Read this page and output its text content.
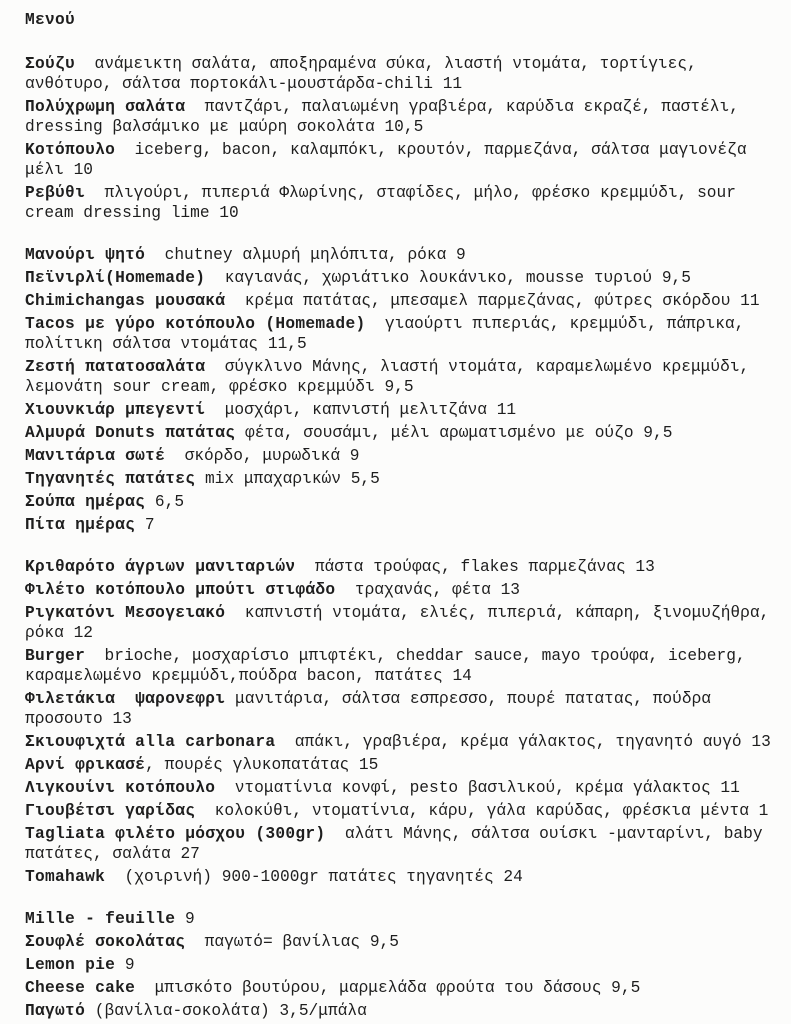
Μενού

Σούζυ  ανάμεικτη σαλάτα, αποξηραμένα σύκα, λιαστή ντομάτα, τορτίγιες, ανθότυρο, σάλτσα πορτοκάλι-μουστάρδα-chili 11

Πολύχρωμη σαλάτα  παντζάρι, παλαιωμένη γραβιέρα, καρύδια εκραζέ, παστέλι, dressing βαλσάμικο με μαύρη σοκολάτα 10,5

Κοτόπουλο  iceberg, bacon, καλαμπόκι, κρουτόν, παρμεζάνα, σάλτσα μαγιονέζα μέλι 10

Ρεβύθι  πλιγούρι, πιπεριά Φλωρίνης, σταφίδες, μήλο, φρέσκο κρεμμύδι, sour cream dressing lime 10

Μανούρι ψητό  chutney αλμυρή μηλόπιτα, ρόκα 9

Πεϊνιρλί(Homemade)  καγιανάς, χωριάτικο λουκάνικο, mousse τυριού 9,5

Chimichangas μουσακά  κρέμα πατάτας, μπεσαμελ παρμεζάνας, φύτρες σκόρδου 11

Tacos με γύρο κοτόπουλο (Homemade)  γιαούρτι πιπεριάς, κρεμμύδι, πάπρικα, πολίτικη σάλτσα ντομάτας 11,5

Ζεστή πατατοσαλάτα  σύγκλινο Μάνης, λιαστή ντομάτα, καραμελωμένο κρεμμύδι, λεμονάτη sour cream, φρέσκο κρεμμύδι 9,5

Χιουνκιάρ μπεγεντί  μοσχάρι, καπνιστή μελιτζάνα 11

Αλμυρά Donuts πατάτας φέτα, σουσάμι, μέλι αρωματισμένο με ούζο 9,5

Μανιτάρια σωτέ  σκόρδο, μυρωδικά 9

Τηγανητές πατάτες mix μπαχαρικών 5,5

Σούπα ημέρας 6,5

Πίτα ημέρας 7

Κριθαρότο άγριων μανιταριών  πάστα τρούφας, flakes παρμεζάνας 13

Φιλέτο κοτόπουλο μπούτι στιφάδο  τραχανάς, φέτα 13

Ριγκατόνι Μεσογειακό  καπνιστή ντομάτα, ελιές, πιπεριά, κάπαρη, ξινομυζήθρα, ρόκα 12

Burger  brioche, μοσχαρίσιο μπιφτέκι, cheddar sauce, mayo τρούφα, iceberg, καραμελωμένο κρεμμύδι,πούδρα bacon, πατάτες 14

Φιλετάκια  ψαρονεφρι μανιτάρια, σάλτσα εσπρεσσο, πουρέ πατατας, πούδρα προσουτο 13

Σκιουφιχτά alla carbonara  απάκι, γραβιέρα, κρέμα γάλακτος, τηγανητό αυγό 13

Αρνί φρικασέ, πουρές γλυκοπατάτας 15

Λιγκουίνι κοτόπουλο  ντοματίνια κονφί, pesto βασιλικού, κρέμα γάλακτος 11

Γιουβέτσι γαρίδας  κολοκύθι, ντοματίνια, κάρυ, γάλα καρύδας, φρέσκια μέντα 1

Tagliata φιλέτο μόσχου (300gr)  αλάτι Μάνης, σάλτσα ουίσκι -μανταρίνι, baby πατάτες, σαλάτα 27

Tomahawk  (χοιρινή) 900-1000gr πατάτες τηγανητές 24

Mille - feuille 9

Σουφλέ σοκολάτας  παγωτό= βανίλιας 9,5

Lemon pie 9

Cheese cake  μπισκότο βουτύρου, μαρμελάδα φρούτα του δάσους 9,5

Παγωτό (βανίλια-σοκολάτα) 3,5/μπάλα
